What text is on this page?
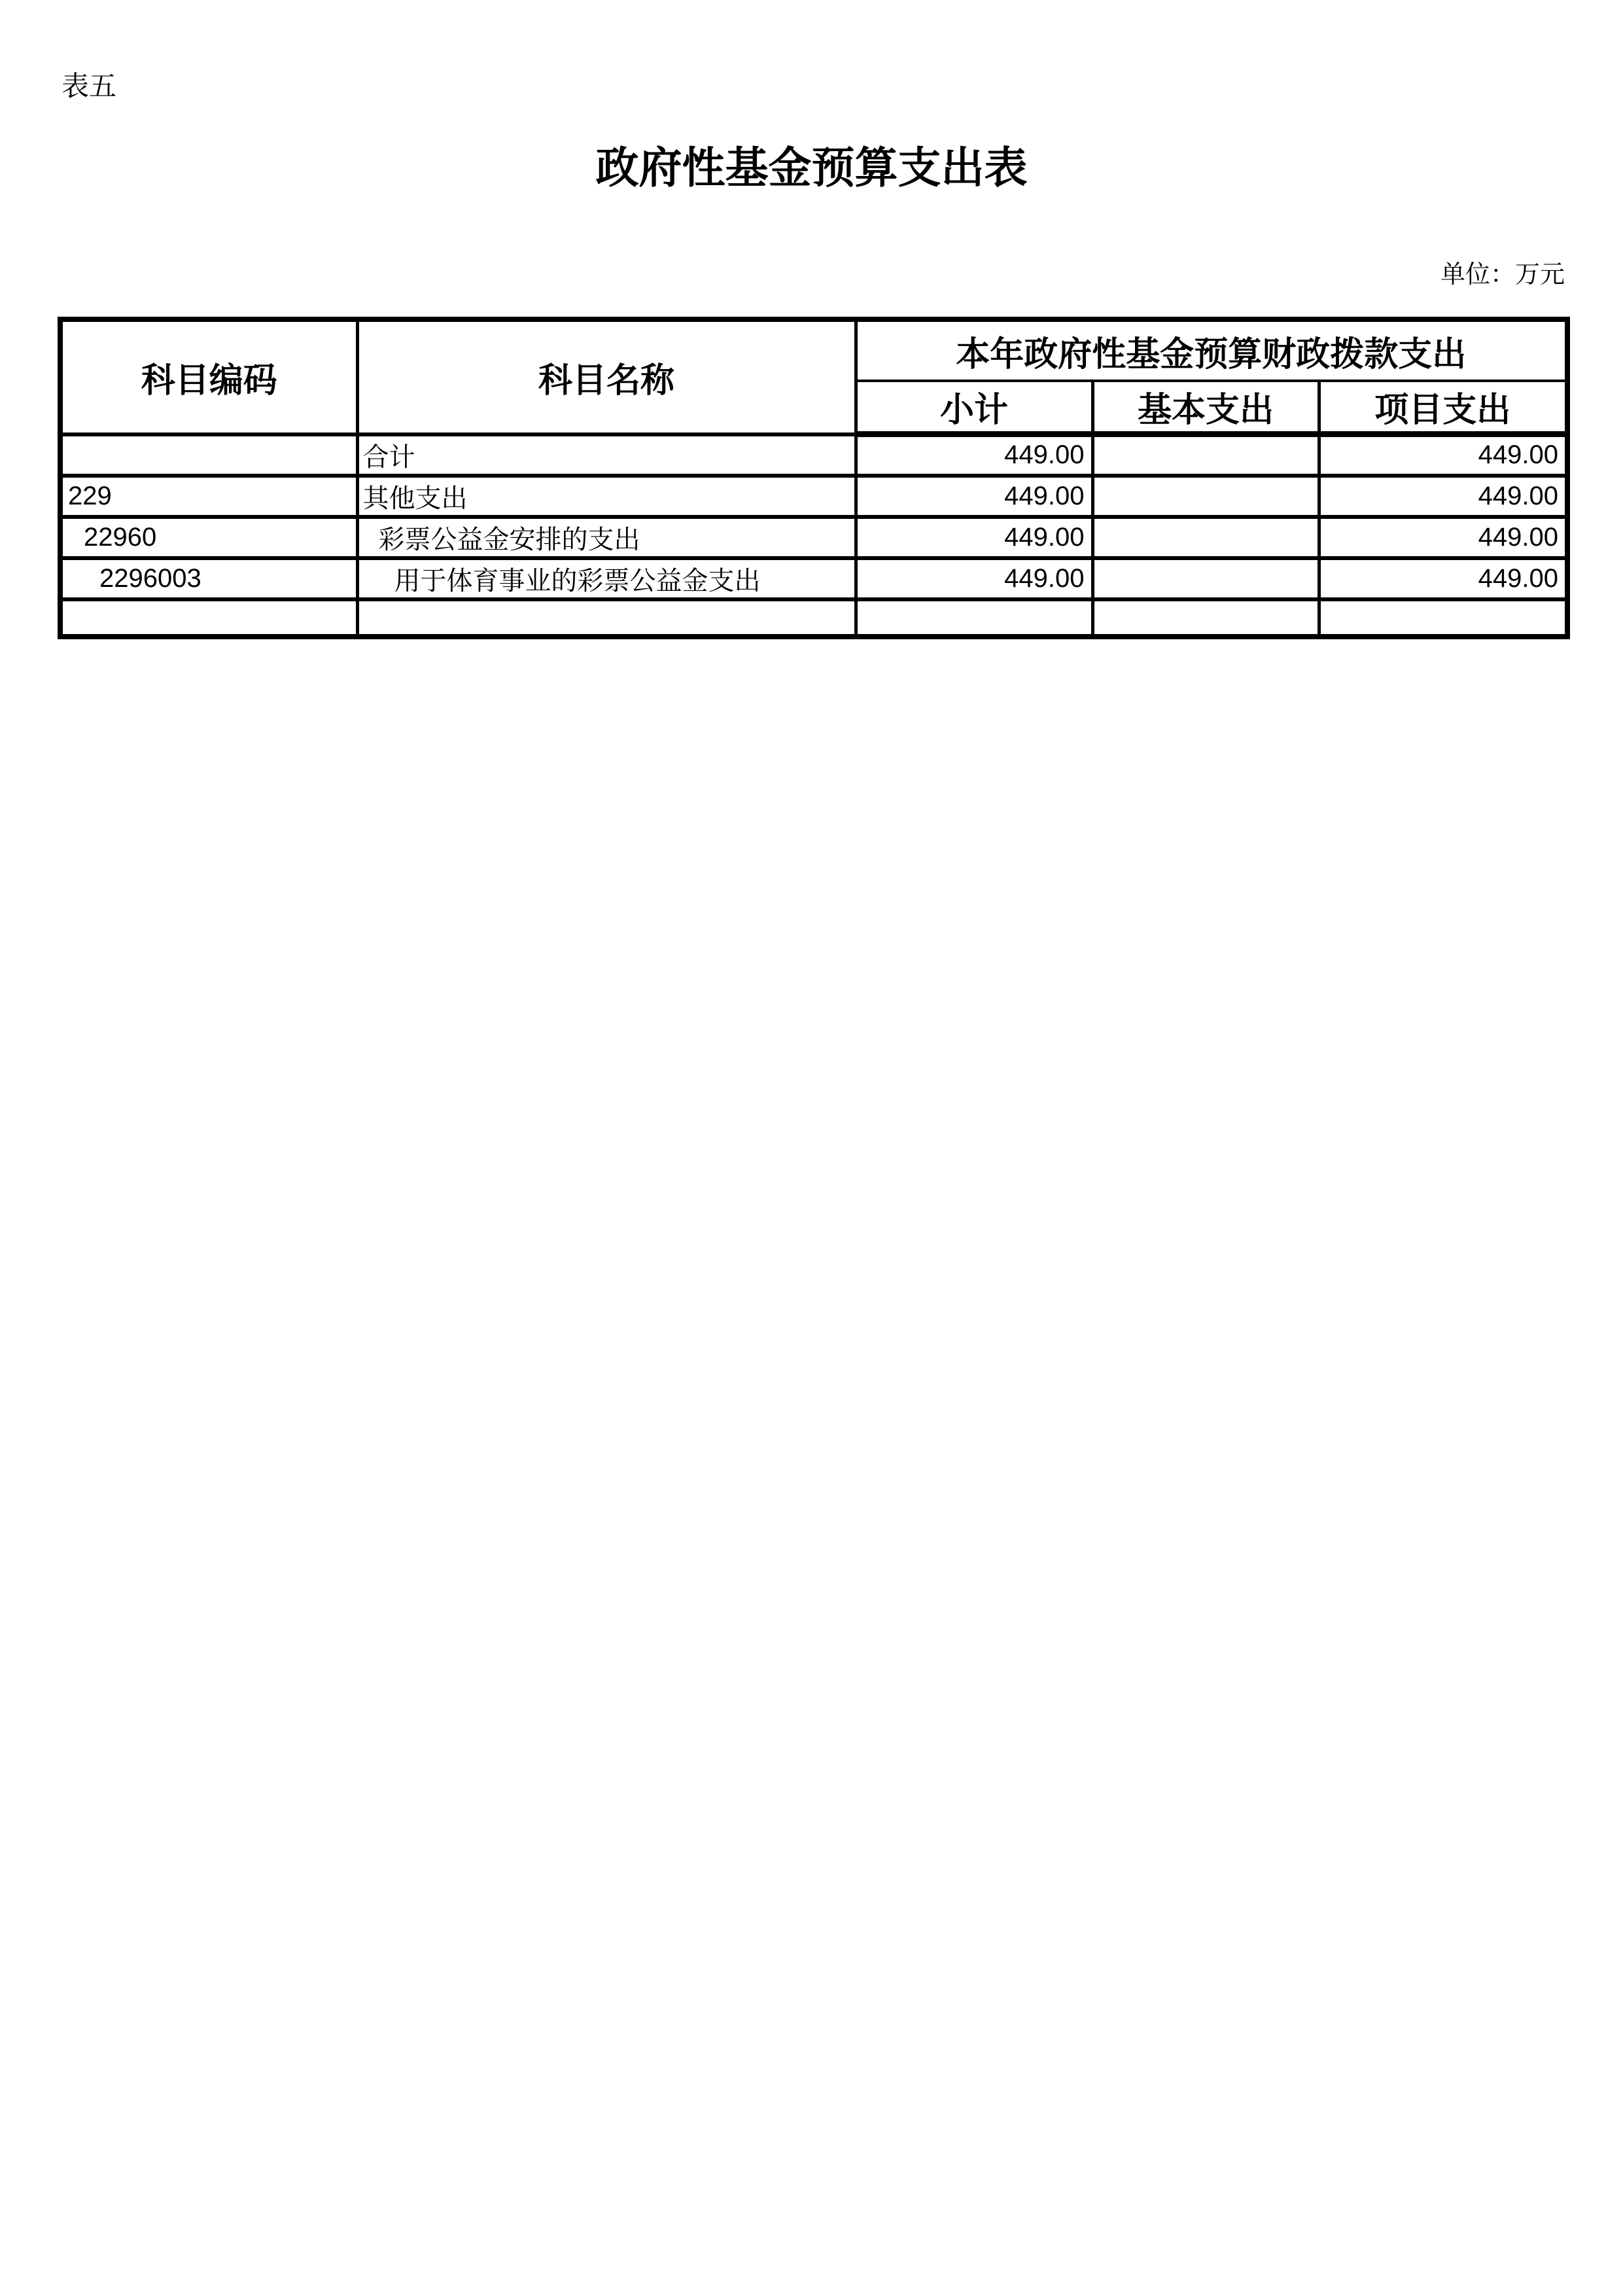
表五
政府性基金预算支出表
单位：万元
科目编码	科目名称	本年政府性基金预算财政拨款支出		
		小计	基本支出	项目支出
	合计	449.00		449.00
229	其他支出	449.00		449.00
22960	彩票公益金安排的支出	449.00		449.00
2296003	用于体育事业的彩票公益金支出	449.00		449.00
